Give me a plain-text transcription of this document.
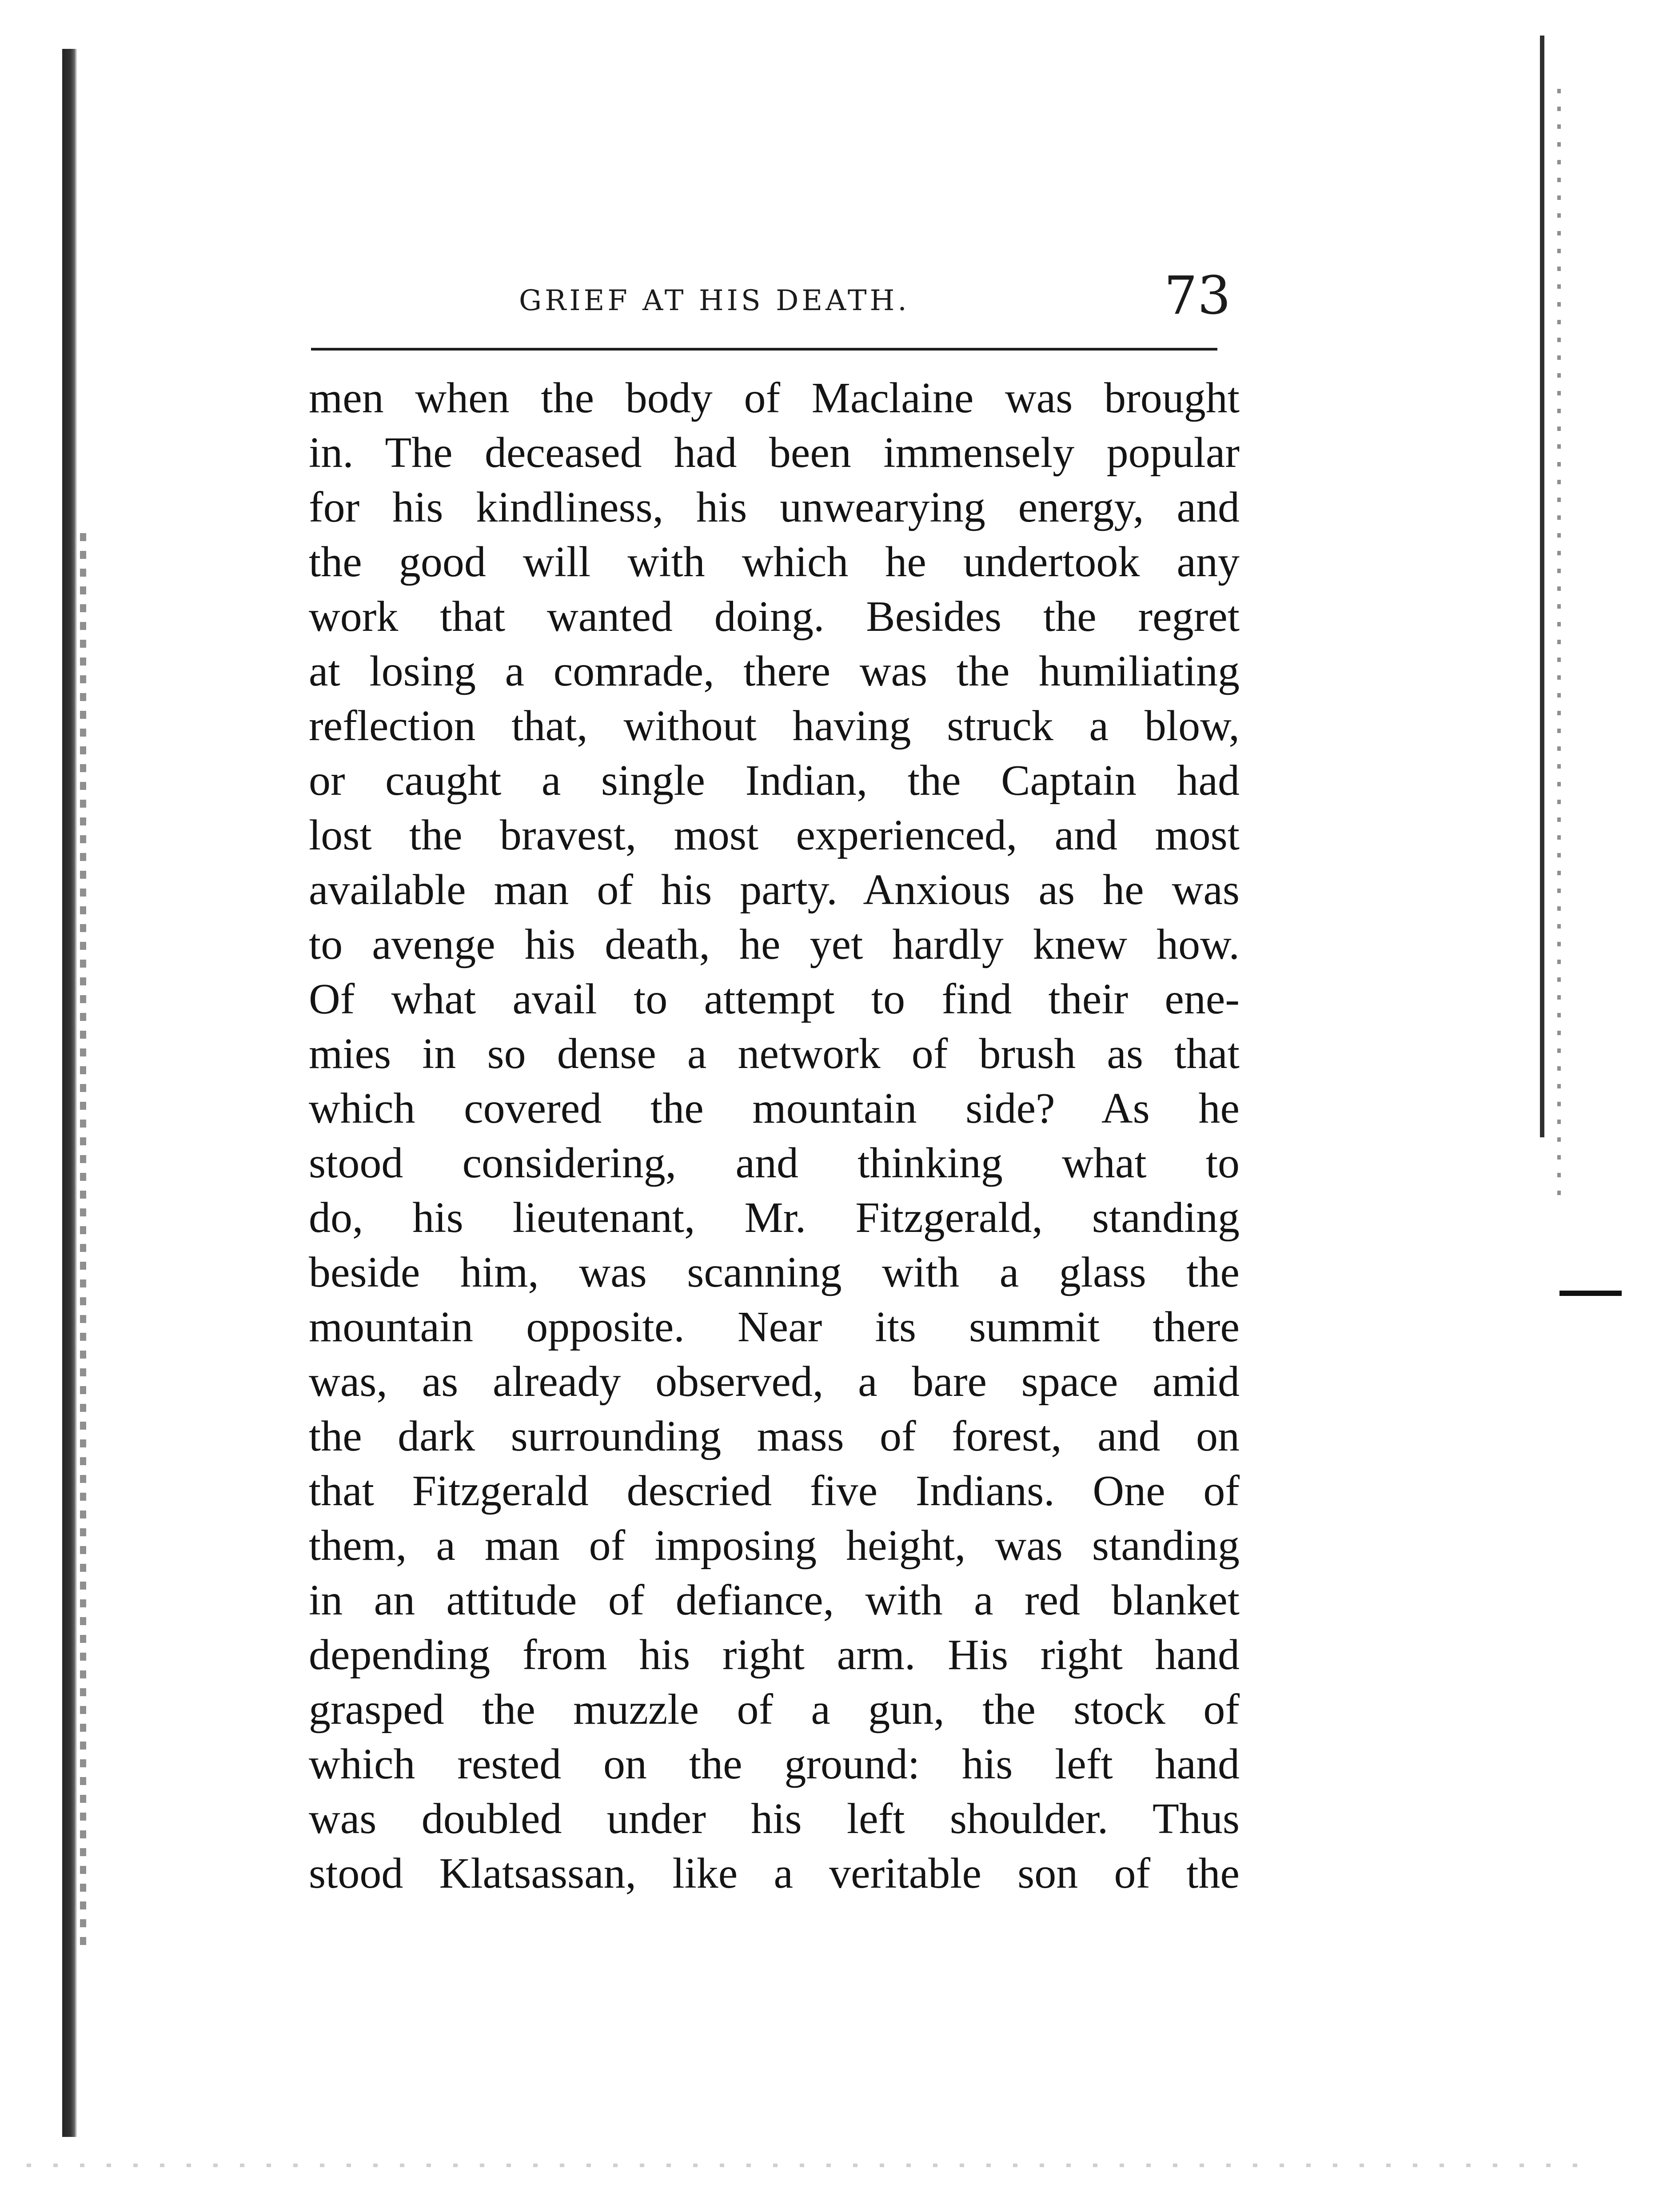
GRIEF AT HIS DEATH.	73
men when the body of Maclaine was brought
in. The deceased had been immensely popular
for his kindliness, his unwearying energy, and
the good will with which he undertook any
work that wanted doing. Besides the regret
at losing a comrade, there was the humiliating
reflection that, without having struck a blow,
or caught a single Indian, the Captain had
lost the bravest, most experienced, and most
available man of his party. Anxious as he was
to avenge his death, he yet hardly knew how.
Of what avail to attempt to find their ene-
mies in so dense a network of brush as that
which covered the mountain side? As he
stood considering, and thinking what to
do, his lieutenant, Mr. Fitzgerald, standing
beside him, was scanning with a glass the
mountain opposite. Near its summit there
was, as already observed, a bare space amid
the dark surrounding mass of forest, and on
that Fitzgerald descried five Indians. One of
them, a man of imposing height, was standing
in an attitude of defiance, with a red blanket
depending from his right arm. His right hand
grasped the muzzle of a gun, the stock of
which rested on the ground: his left hand
was doubled under his left shoulder. Thus
stood Klatsassan, like a veritable son of the
